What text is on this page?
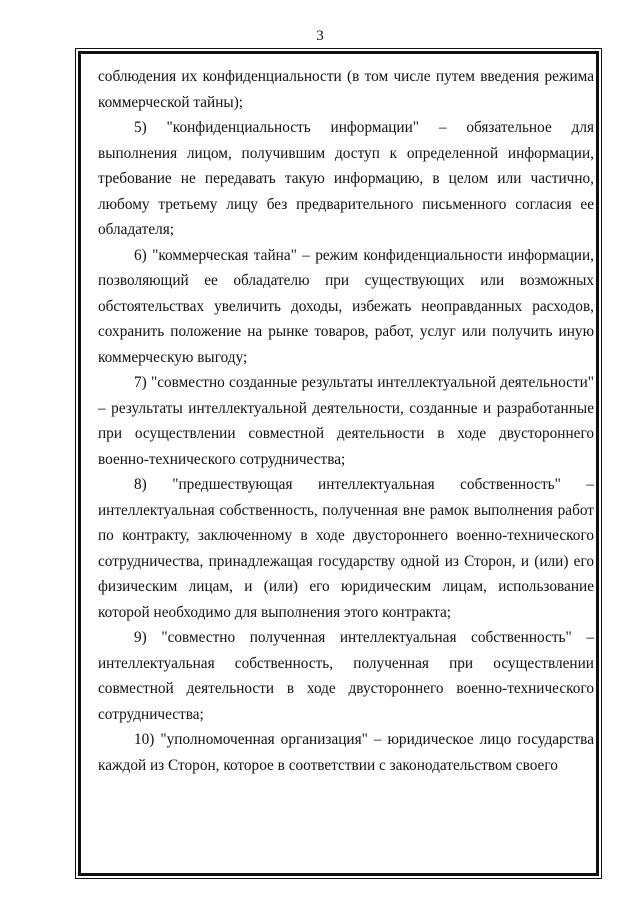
3

соблюдения их конфиденциальности (в том числе путем введения режима коммерческой тайны);

5) "конфиденциальность информации" – обязательное для выполнения лицом, получившим доступ к определенной информации, требование не передавать такую информацию, в целом или частично, любому третьему лицу без предварительного письменного согласия ее обладателя;

6) "коммерческая тайна" – режим конфиденциальности информации, позволяющий ее обладателю при существующих или возможных обстоятельствах увеличить доходы, избежать неоправданных расходов, сохранить положение на рынке товаров, работ, услуг или получить иную коммерческую выгоду;

7) "совместно созданные результаты интеллектуальной деятельности" – результаты интеллектуальной деятельности, созданные и разработанные при осуществлении совместной деятельности в ходе двустороннего военно-технического сотрудничества;

8) "предшествующая интеллектуальная собственность" – интеллектуальная собственность, полученная вне рамок выполнения работ по контракту, заключенному в ходе двустороннего военно-технического сотрудничества, принадлежащая государству одной из Сторон, и (или) его физическим лицам, и (или) его юридическим лицам, использование которой необходимо для выполнения этого контракта;

9) "совместно полученная интеллектуальная собственность" – интеллектуальная собственность, полученная при осуществлении совместной деятельности в ходе двустороннего военно-технического сотрудничества;

10) "уполномоченная организация" – юридическое лицо государства каждой из Сторон, которое в соответствии с законодательством своего
